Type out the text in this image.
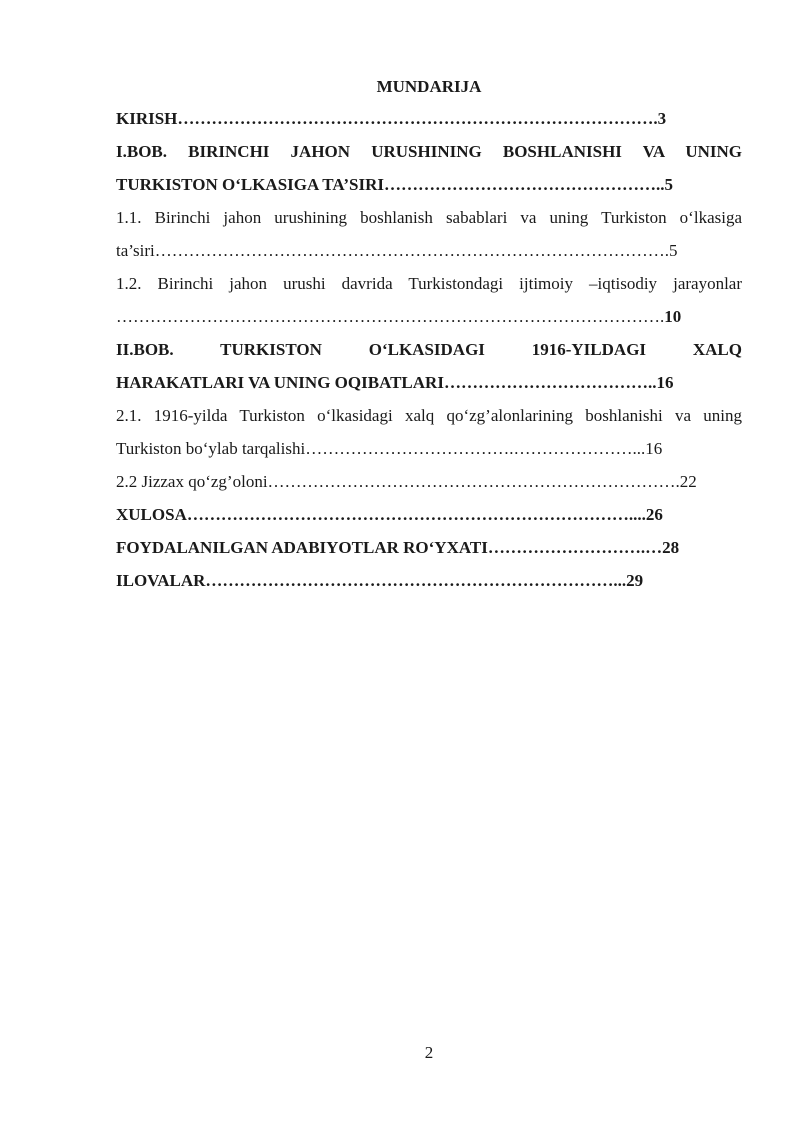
MUNDARIJA
KIRISH………………………………………………………………………….3
I.BOB. BIRINCHI JAHON URUSHINING BOSHLANISHI VA UNING
TURKISTON O‘LKASIGA TA’SIRI…………………………………………..5
1.1. Birinchi jahon urushining boshlanish sabablari va uning Turkiston o‘lkasiga
ta’siri……………………………………………………………………………….5
1.2. Birinchi jahon urushi davrida Turkistondagi ijtimoiy –iqtisodiy jarayonlar
…………………………………………………………………………………….10
II.BOB. TURKISTON O‘LKASIDAGI 1916-YILDAGI XALQ
HARAKATLARI VA UNING OQIBATLARI………………………………..16
2.1. 1916-yilda Turkiston o‘lkasidagi xalq qo‘zg’alonlarining boshlanishi va uning
Turkiston bo‘ylab tarqalishi……………………………….…………………...16
2.2 Jizzax qo‘zg’oloni……………………………………………………………….22
XULOSA……………………………………………………………………....26
FOYDALANILGAN ADABIYOTLAR RO‘YXATI……………………….…28
ILOVALAR………………………………………………………………...29
2
